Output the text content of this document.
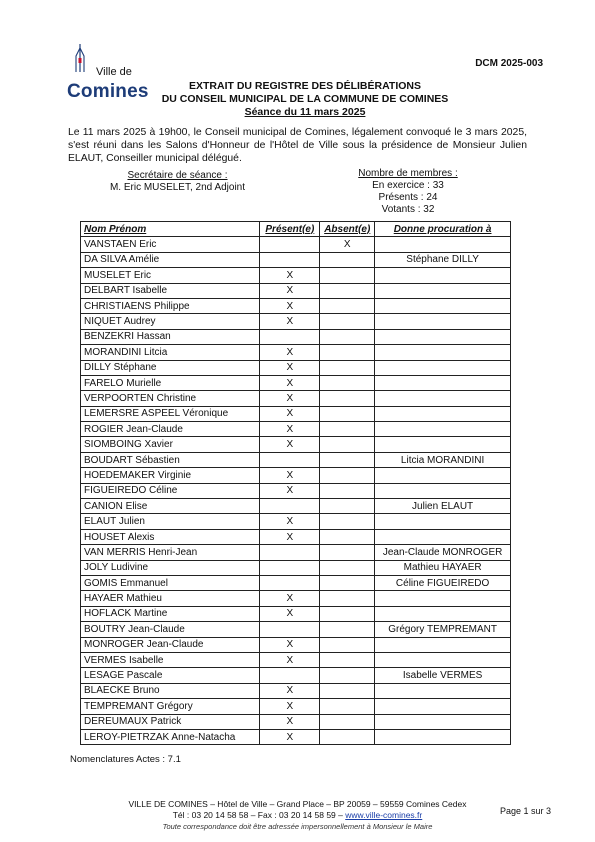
Ville de
Comines
DCM 2025-003
EXTRAIT DU REGISTRE DES DÉLIBÉRATIONS
DU CONSEIL MUNICIPAL DE LA COMMUNE DE COMINES
Séance du 11 mars 2025
Le 11 mars 2025 à 19h00, le Conseil municipal de Comines, légalement convoqué le 3 mars 2025, s'est réuni dans les Salons d'Honneur de l'Hôtel de Ville sous la présidence de Monsieur Julien ELAUT, Conseiller municipal délégué.
Secrétaire de séance :
M. Eric MUSELET, 2nd Adjoint
Nombre de membres :
En exercice : 33
Présents : 24
Votants : 32
Nom Prénom	Présent(e)	Absent(e)	Donne procuration à
VANSTAEN Eric		X	
DA SILVA Amélie			Stéphane DILLY
MUSELET Eric	X		
DELBART Isabelle	X		
CHRISTIAENS Philippe	X		
NIQUET Audrey	X		
BENZEKRI Hassan			
MORANDINI Litcia	X		
DILLY Stéphane	X		
FARELO Murielle	X		
VERPOORTEN Christine	X		
LEMERSRE ASPEEL Véronique	X		
ROGIER Jean-Claude	X		
SIOMBOING Xavier	X		
BOUDART Sébastien			Litcia MORANDINI
HOEDEMAKER Virginie	X		
FIGUEIREDO Céline	X		
CANION Elise			Julien ELAUT
ELAUT Julien	X		
HOUSET Alexis	X		
VAN MERRIS Henri-Jean			Jean-Claude MONROGER
JOLY Ludivine			Mathieu HAYAER
GOMIS Emmanuel			Céline FIGUEIREDO
HAYAER Mathieu	X		
HOFLACK Martine	X		
BOUTRY Jean-Claude			Grégory TEMPREMANT
MONROGER Jean-Claude	X		
VERMES Isabelle	X		
LESAGE Pascale			Isabelle VERMES
BLAECKE Bruno	X		
TEMPREMANT Grégory	X		
DEREUMAUX Patrick	X		
LEROY-PIETRZAK Anne-Natacha	X		
Nomenclatures Actes : 7.1
VILLE DE COMINES – Hôtel de Ville – Grand Place – BP 20059 – 59559 Comines Cedex
Tél : 03 20 14 58 58 – Fax : 03 20 14 58 59 – www.ville-comines.fr
Toute correspondance doit être adressée impersonnellement à Monsieur le Maire
Page 1 sur 3
